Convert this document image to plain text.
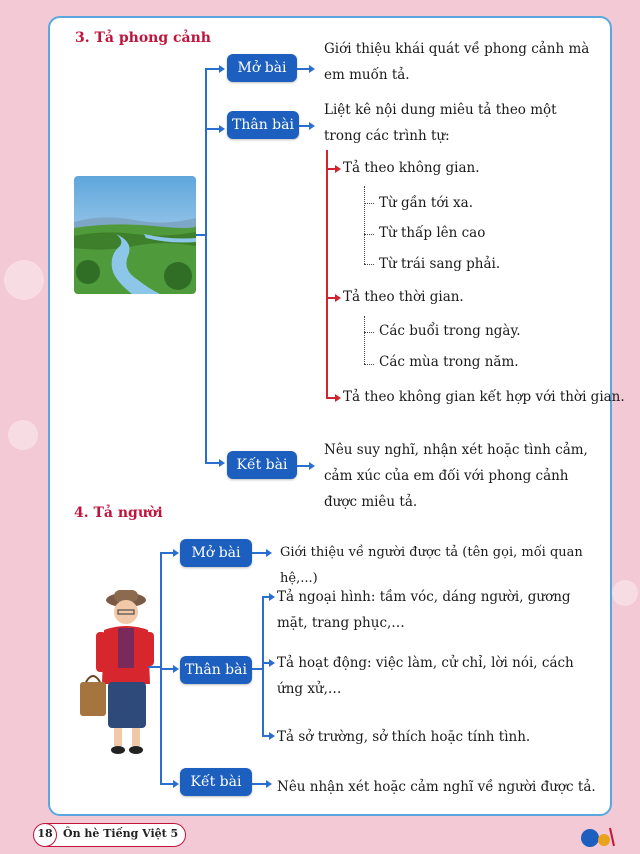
3. Tả phong cảnh
Mở bài
Thân bài
Kết bài
Giới thiệu khái quát về phong cảnh mà em muốn tả.
Liệt kê nội dung miêu tả theo một trong các trình tự:
Nêu suy nghĩ, nhận xét hoặc tình cảm, cảm xúc của em đối với phong cảnh được miêu tả.
Tả theo không gian.
Tả theo thời gian.
Tả theo không gian kết hợp với thời gian.
Từ gần tới xa.
Từ thấp lên cao
Từ trái sang phải.
Các buổi trong ngày.
Các mùa trong năm.
4. Tả người
Mở bài
Thân bài
Kết bài
Giới thiệu về người được tả (tên gọi, mối quan hệ,...)
Tả ngoại hình: tầm vóc, dáng người, gương mặt, trang phục,…
Tả hoạt động: việc làm, cử chỉ, lời nói, cách ứng xử,…
Tả sở trường, sở thích hoặc tính tình.
Nêu nhận xét hoặc cảm nghĩ về người được tả.
18 Ôn hè Tiếng Việt 5
